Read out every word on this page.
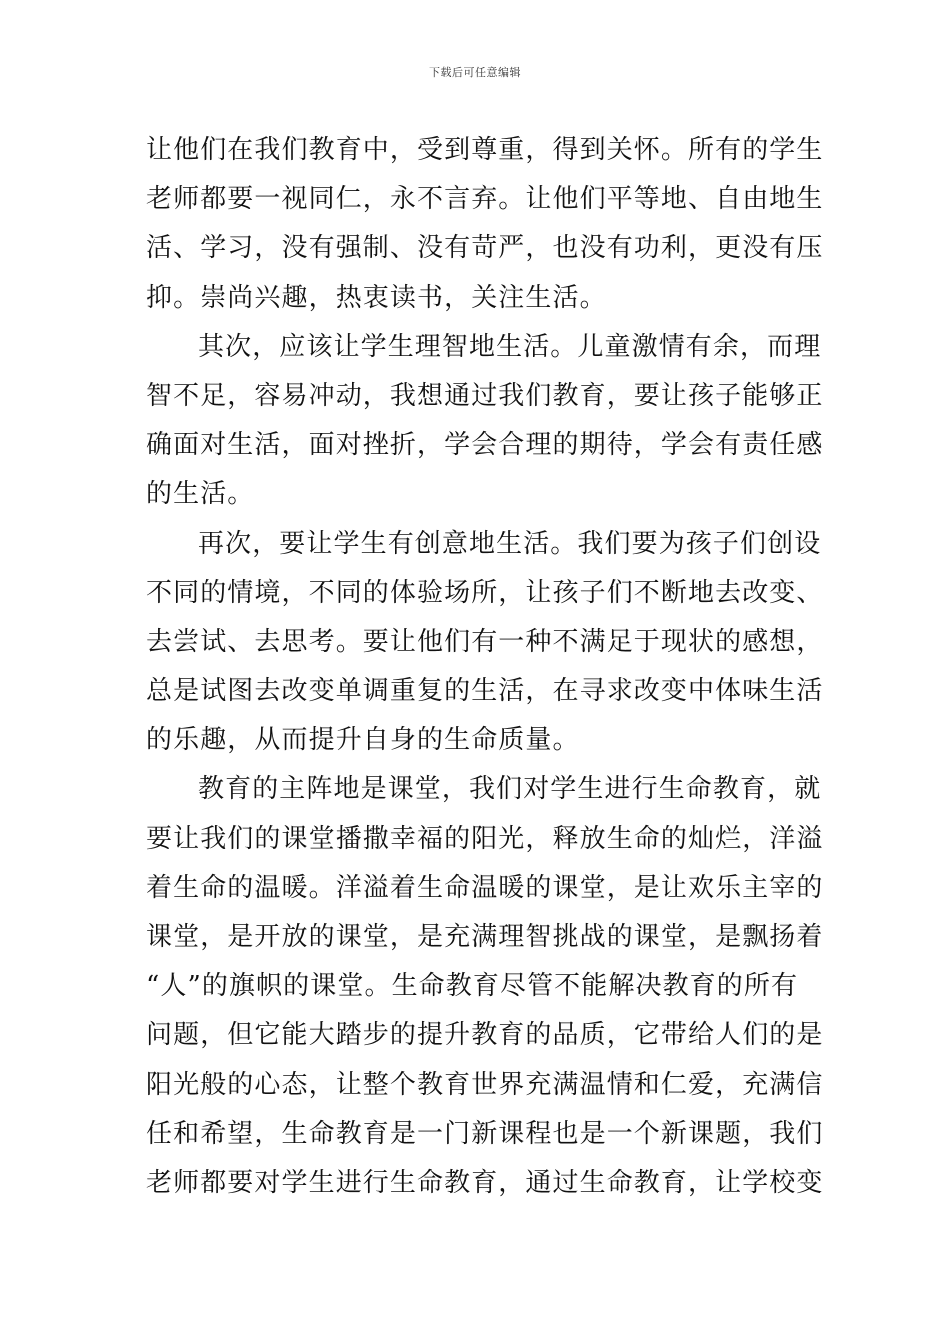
下载后可任意编辑
让他们在我们教育中，受到尊重，得到关怀。所有的学生
老师都要一视同仁，永不言弃。让他们平等地、自由地生
活、学习，没有强制、没有苛严，也没有功利，更没有压
抑。崇尚兴趣，热衷读书，关注生活。
其次，应该让学生理智地生活。儿童激情有余，而理
智不足，容易冲动，我想通过我们教育，要让孩子能够正
确面对生活，面对挫折，学会合理的期待，学会有责任感
的生活。
再次，要让学生有创意地生活。我们要为孩子们创设
不同的情境，不同的体验场所，让孩子们不断地去改变、
去尝试、去思考。要让他们有一种不满足于现状的感想，
总是试图去改变单调重复的生活，在寻求改变中体味生活
的乐趣，从而提升自身的生命质量。
教育的主阵地是课堂，我们对学生进行生命教育，就
要让我们的课堂播撒幸福的阳光，释放生命的灿烂，洋溢
着生命的温暖。洋溢着生命温暖的课堂，是让欢乐主宰的
课堂，是开放的课堂，是充满理智挑战的课堂，是飘扬着
“人”的旗帜的课堂。生命教育尽管不能解决教育的所有
问题，但它能大踏步的提升教育的品质，它带给人们的是
阳光般的心态，让整个教育世界充满温情和仁爱，充满信
任和希望，生命教育是一门新课程也是一个新课题，我们
老师都要对学生进行生命教育，通过生命教育，让学校变
